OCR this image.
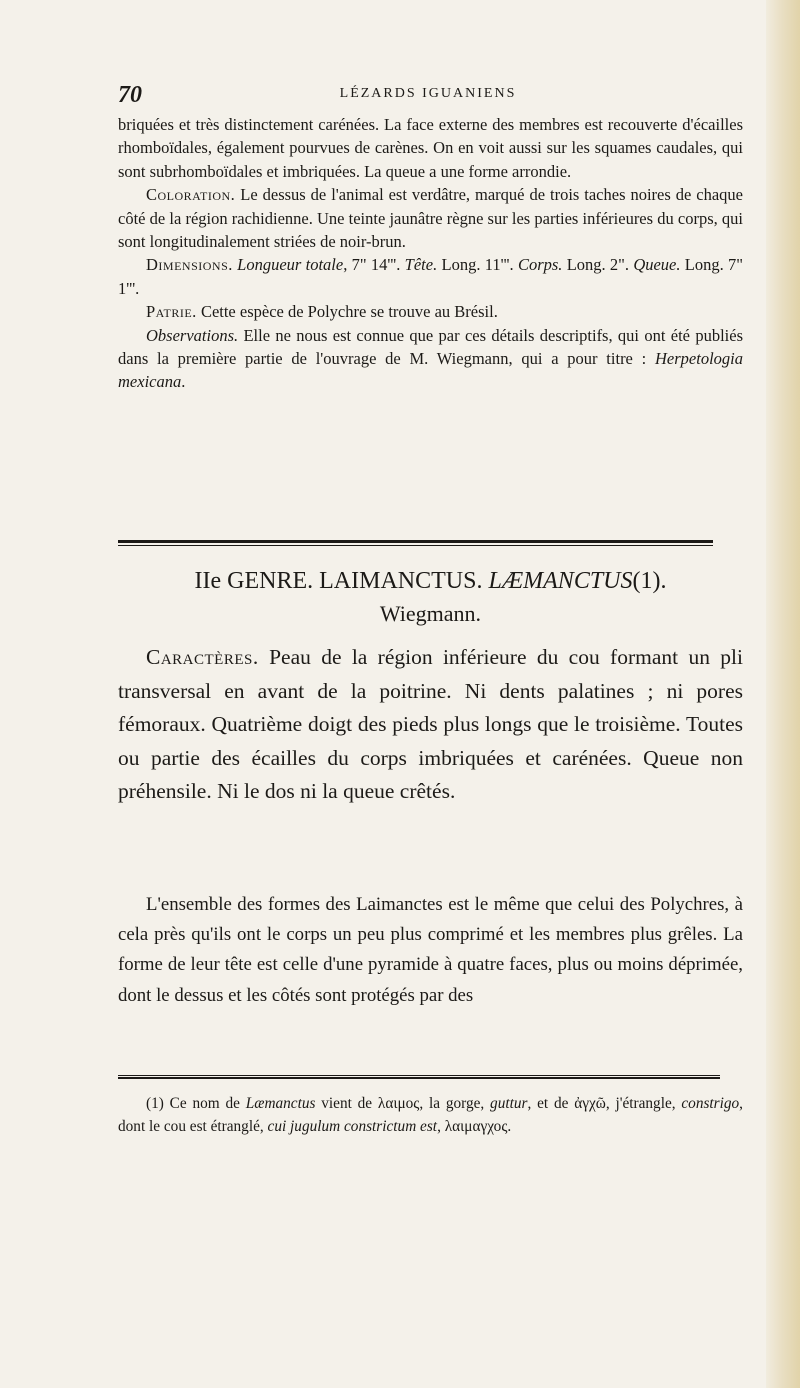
70	LÉZARDS IGUANIENS

briquées et très distinctement carénées. La face externe des membres est recouverte d'écailles rhomboïdales, également pourvues de carènes. On en voit aussi sur les squames caudales, qui sont subrhomboïdales et imbriquées. La queue a une forme arrondie.

Coloration. Le dessus de l'animal est verdâtre, marqué de trois taches noires de chaque côté de la région rachidienne. Une teinte jaunâtre règne sur les parties inférieures du corps, qui sont longitudinalement striées de noir-brun.

Dimensions. Longueur totale, 7" 14'''. Tête. Long. 11'''. Corps. Long. 2". Queue. Long. 7" 1'''.

Patrie. Cette espèce de Polychre se trouve au Brésil.

Observations. Elle ne nous est connue que par ces détails descriptifs, qui ont été publiés dans la première partie de l'ouvrage de M. Wiegmann, qui a pour titre : Herpetologia mexicana.

IIe GENRE. LAIMANCTUS. LÆMANCTUS(1).
Wiegmann.

Caractères. Peau de la région inférieure du cou formant un pli transversal en avant de la poitrine. Ni dents palatines ; ni pores fémoraux. Quatrième doigt des pieds plus longs que le troisième. Toutes ou partie des écailles du corps imbriquées et carénées. Queue non préhensile. Ni le dos ni la queue crêtés.

L'ensemble des formes des Laimanctes est le même que celui des Polychres, à cela près qu'ils ont le corps un peu plus comprimé et les membres plus grêles. La forme de leur tête est celle d'une pyramide à quatre faces, plus ou moins déprimée, dont le dessus et les côtés sont protégés par des

(1) Ce nom de Læmanctus vient de λαιμος, la gorge, guttur, et de ἀγχῶ, j'étrangle, constrigo, dont le cou est étranglé, cui jugulum constrictum est, λαιμαγχος.
